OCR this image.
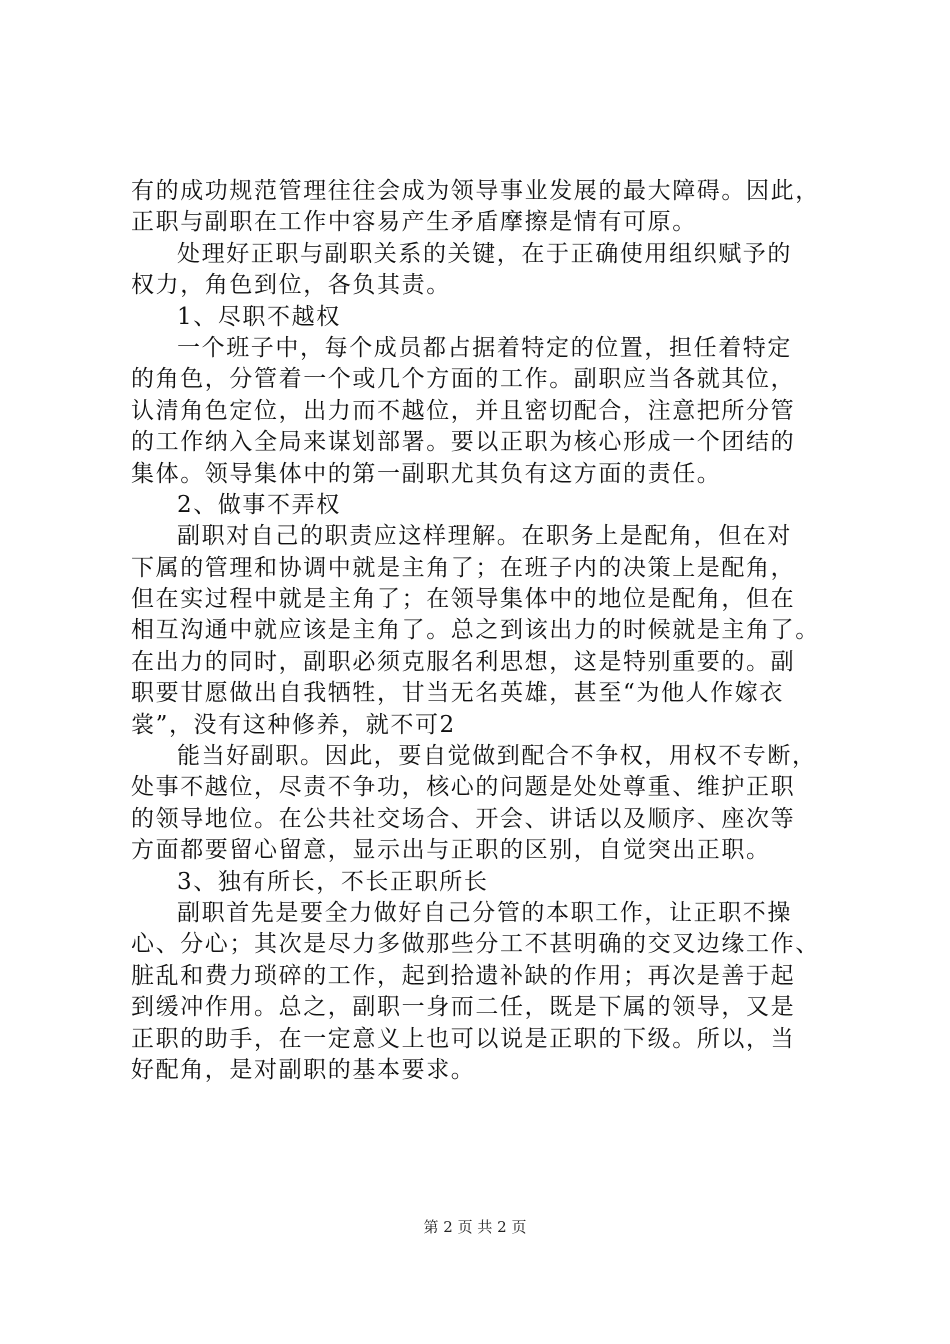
有的成功规范管理往往会成为领导事业发展的最大障碍。因此，
正职与副职在工作中容易产生矛盾摩擦是情有可原。
处理好正职与副职关系的关键，在于正确使用组织赋予的
权力，角色到位，各负其责。
1、尽职不越权
一个班子中，每个成员都占据着特定的位置，担任着特定
的角色，分管着一个或几个方面的工作。副职应当各就其位，
认清角色定位，出力而不越位，并且密切配合，注意把所分管
的工作纳入全局来谋划部署。要以正职为核心形成一个团结的
集体。领导集体中的第一副职尤其负有这方面的责任。
2、做事不弄权
副职对自己的职责应这样理解。在职务上是配角，但在对
下属的管理和协调中就是主角了；在班子内的决策上是配角，
但在实过程中就是主角了；在领导集体中的地位是配角，但在
相互沟通中就应该是主角了。总之到该出力的时候就是主角了。
在出力的同时，副职必须克服名利思想，这是特别重要的。副
职要甘愿做出自我牺牲，甘当无名英雄，甚至“为他人作嫁衣
裳”，没有这种修养，就不可2
能当好副职。因此，要自觉做到配合不争权，用权不专断，
处事不越位，尽责不争功，核心的问题是处处尊重、维护正职
的领导地位。在公共社交场合、开会、讲话以及顺序、座次等
方面都要留心留意，显示出与正职的区别，自觉突出正职。
3、独有所长，不长正职所长
副职首先是要全力做好自己分管的本职工作，让正职不操
心、分心；其次是尽力多做那些分工不甚明确的交叉边缘工作、
脏乱和费力琐碎的工作，起到拾遗补缺的作用；再次是善于起
到缓冲作用。总之，副职一身而二任，既是下属的领导，又是
正职的助手，在一定意义上也可以说是正职的下级。所以，当
好配角，是对副职的基本要求。
第 2 页 共 2 页
